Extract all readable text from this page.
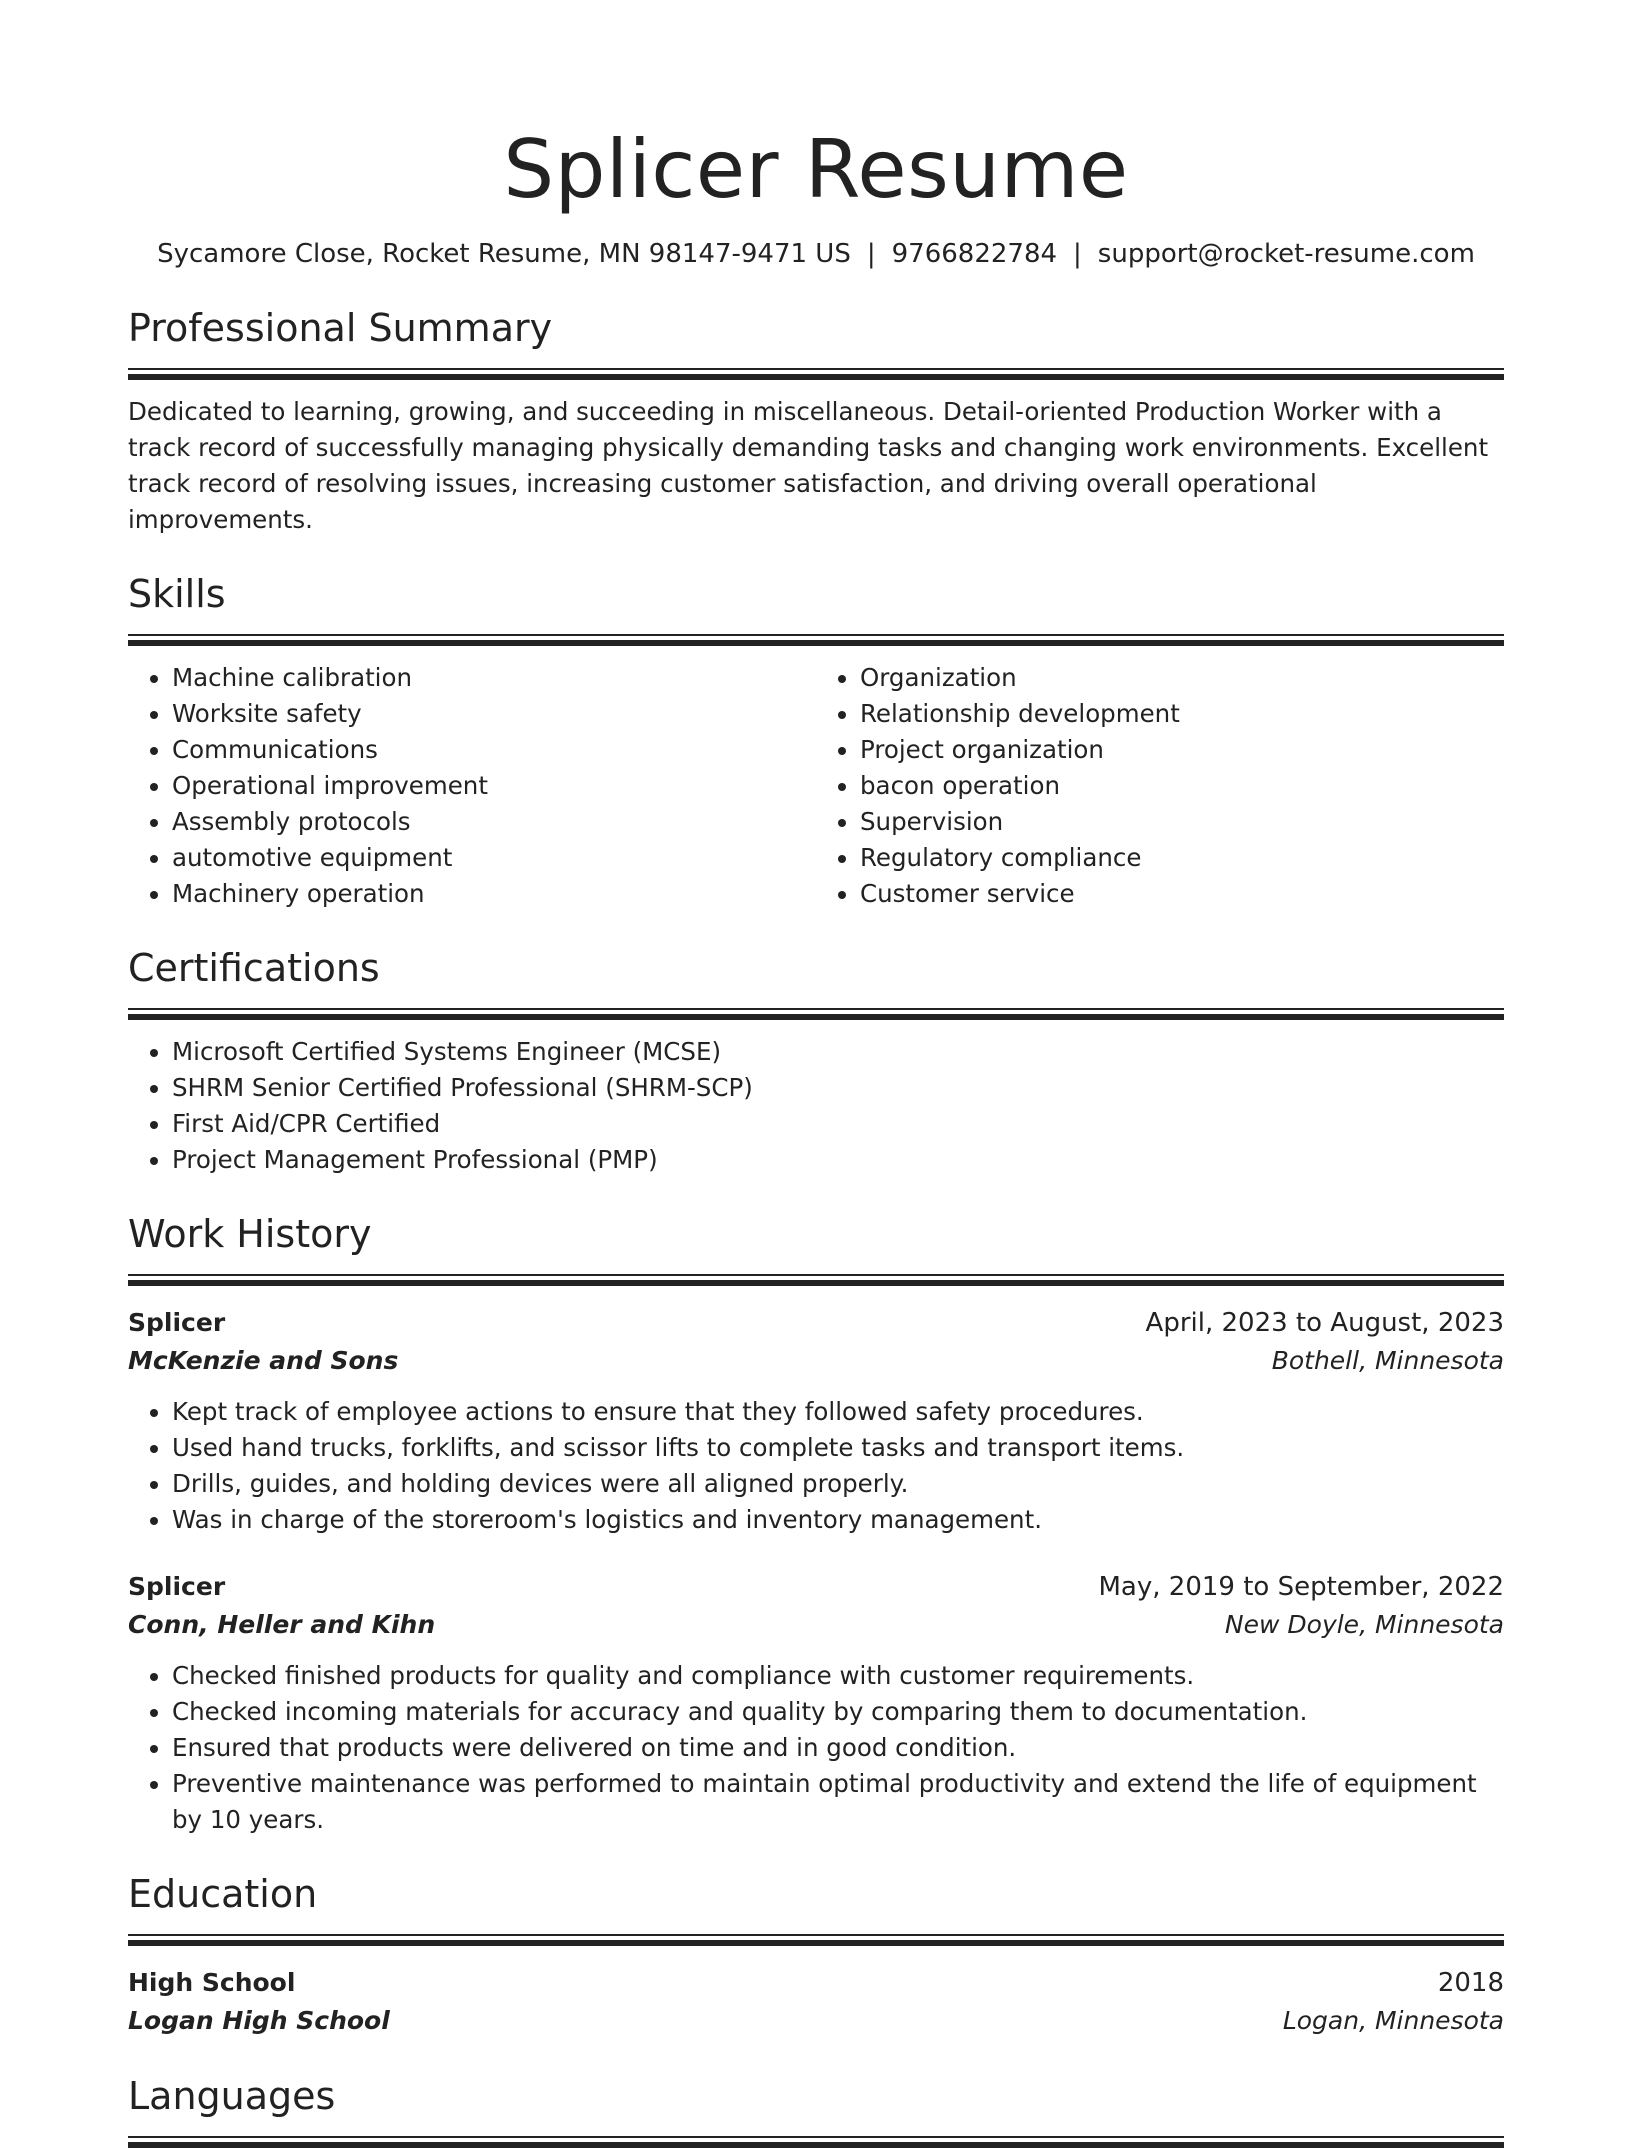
Splicer Resume
Sycamore Close, Rocket Resume, MN 98147-9471 US | 9766822784 | support@rocket-resume.com
Professional Summary
Dedicated to learning, growing, and succeeding in miscellaneous. Detail-oriented Production Worker with a track record of successfully managing physically demanding tasks and changing work environments. Excellent track record of resolving issues, increasing customer satisfaction, and driving overall operational improvements.
Skills
• Machine calibration
• Worksite safety
• Communications
• Operational improvement
• Assembly protocols
• automotive equipment
• Machinery operation
• Organization
• Relationship development
• Project organization
• bacon operation
• Supervision
• Regulatory compliance
• Customer service
Certifications
• Microsoft Certified Systems Engineer (MCSE)
• SHRM Senior Certified Professional (SHRM-SCP)
• First Aid/CPR Certified
• Project Management Professional (PMP)
Work History
Splicer	April, 2023 to August, 2023
McKenzie and Sons	Bothell, Minnesota
• Kept track of employee actions to ensure that they followed safety procedures.
• Used hand trucks, forklifts, and scissor lifts to complete tasks and transport items.
• Drills, guides, and holding devices were all aligned properly.
• Was in charge of the storeroom's logistics and inventory management.
Splicer	May, 2019 to September, 2022
Conn, Heller and Kihn	New Doyle, Minnesota
• Checked finished products for quality and compliance with customer requirements.
• Checked incoming materials for accuracy and quality by comparing them to documentation.
• Ensured that products were delivered on time and in good condition.
• Preventive maintenance was performed to maintain optimal productivity and extend the life of equipment by 10 years.
Education
High School	2018
Logan High School	Logan, Minnesota
Languages
